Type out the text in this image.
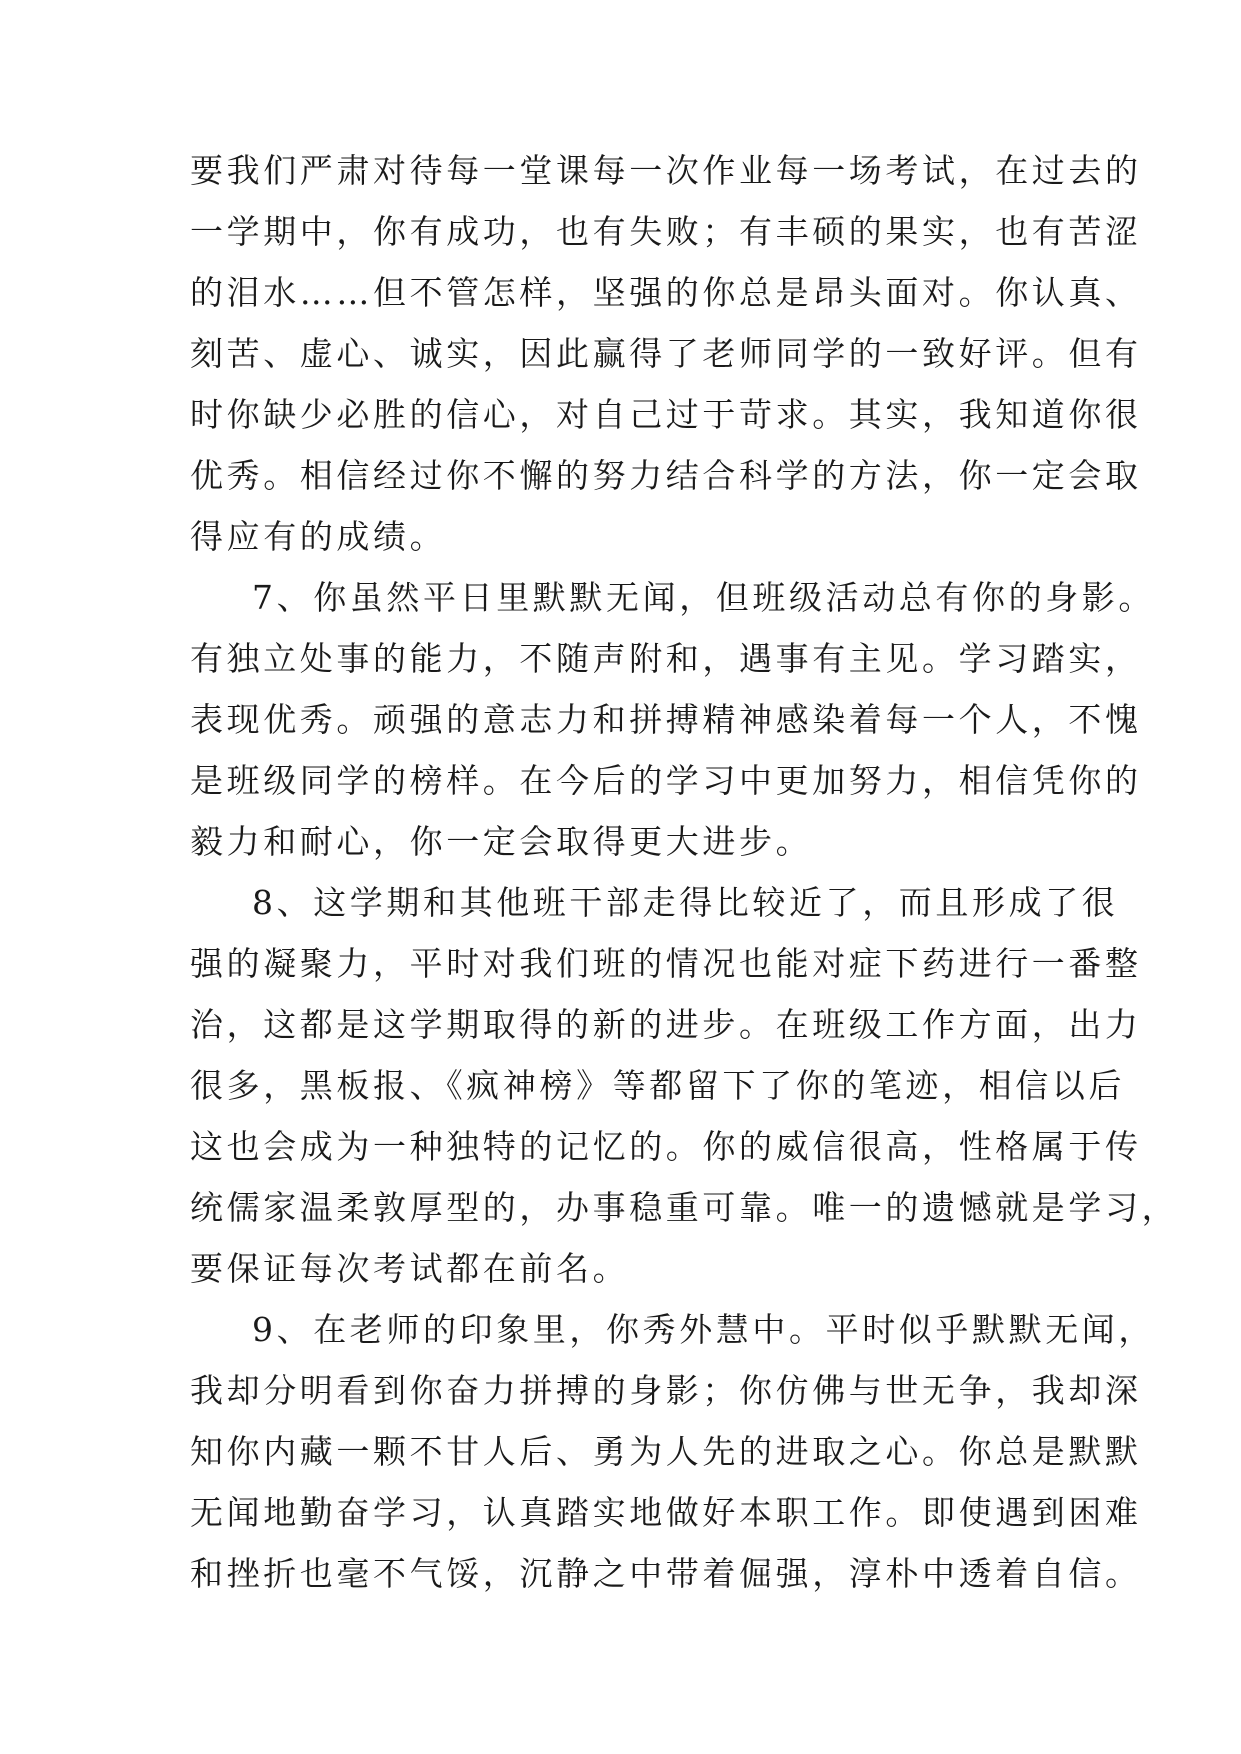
要我们严肃对待每一堂课每一次作业每一场考试，在过去的

一学期中，你有成功，也有失败；有丰硕的果实，也有苦涩

的泪水……但不管怎样，坚强的你总是昂头面对。你认真、

刻苦、虚心、诚实，因此赢得了老师同学的一致好评。但有

时你缺少必胜的信心，对自己过于苛求。其实，我知道你很

优秀。相信经过你不懈的努力结合科学的方法，你一定会取

得应有的成绩。

7、你虽然平日里默默无闻，但班级活动总有你的身影。

有独立处事的能力，不随声附和，遇事有主见。学习踏实，

表现优秀。顽强的意志力和拼搏精神感染着每一个人，不愧

是班级同学的榜样。在今后的学习中更加努力，相信凭你的

毅力和耐心，你一定会取得更大进步。

8、这学期和其他班干部走得比较近了，而且形成了很

强的凝聚力，平时对我们班的情况也能对症下药进行一番整

治，这都是这学期取得的新的进步。在班级工作方面，出力

很多，黑板报、《疯神榜》等都留下了你的笔迹，相信以后

这也会成为一种独特的记忆的。你的威信很高，性格属于传

统儒家温柔敦厚型的，办事稳重可靠。唯一的遗憾就是学习，

要保证每次考试都在前名。

9、在老师的印象里，你秀外慧中。平时似乎默默无闻，

我却分明看到你奋力拼搏的身影；你仿佛与世无争，我却深

知你内藏一颗不甘人后、勇为人先的进取之心。你总是默默

无闻地勤奋学习，认真踏实地做好本职工作。即使遇到困难

和挫折也毫不气馁，沉静之中带着倔强，淳朴中透着自信。
